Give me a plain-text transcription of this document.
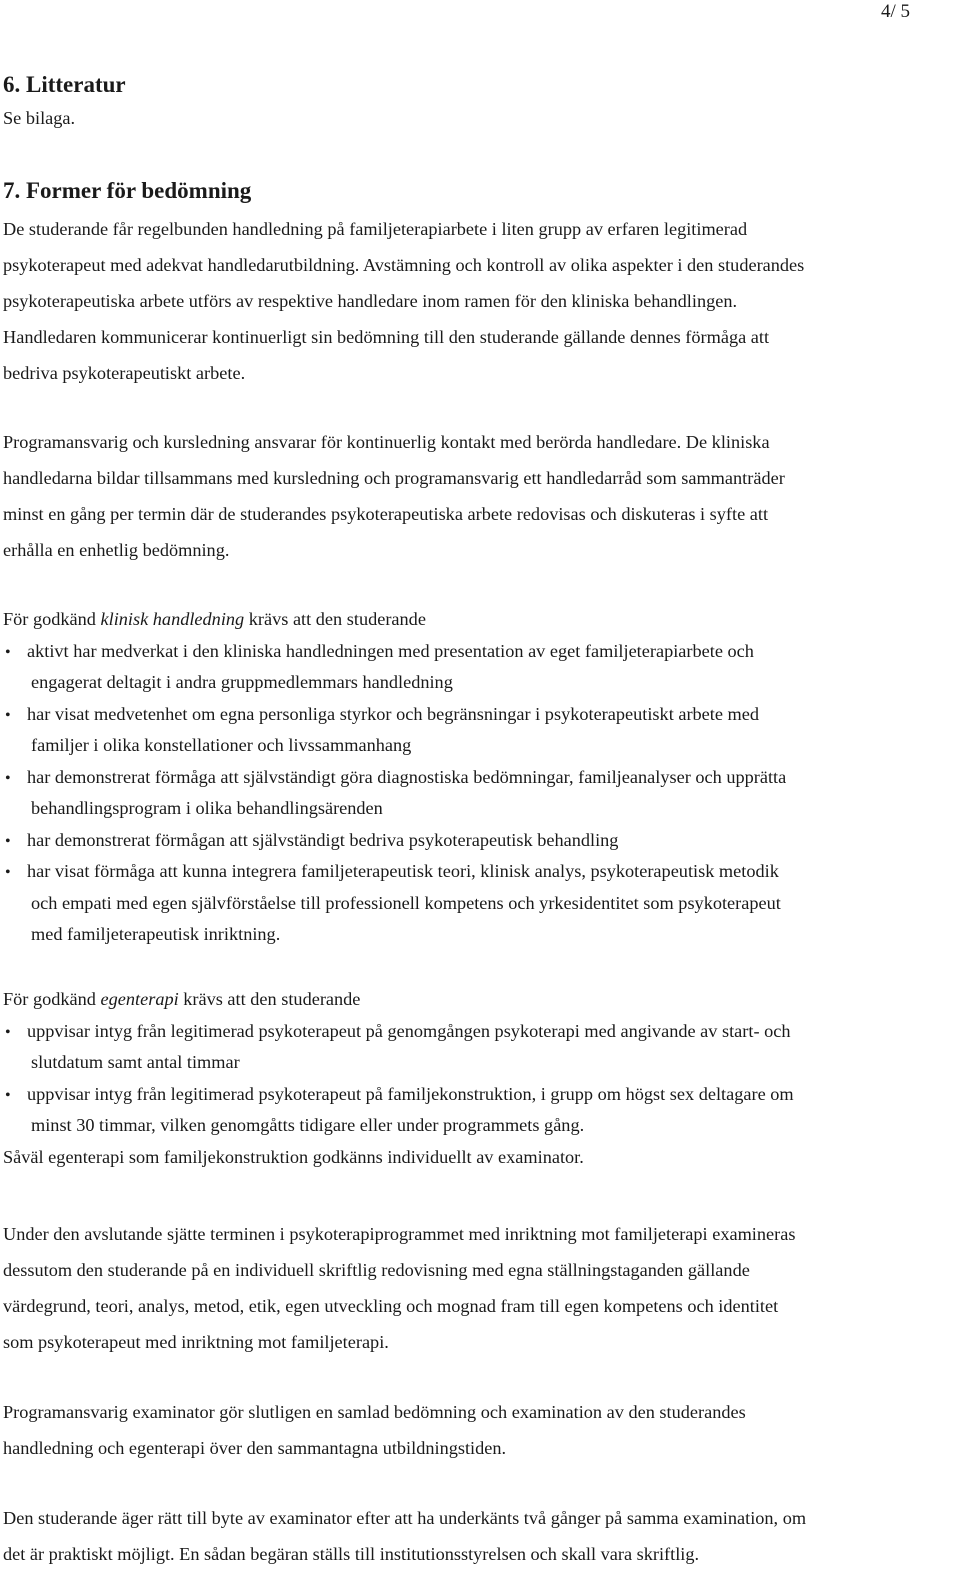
4/ 5
6. Litteratur
Se bilaga.
7. Former för bedömning
De studerande får regelbunden handledning på familjeterapiarbete i liten grupp av erfaren legitimerad
psykoterapeut med adekvat handledarutbildning. Avstämning och kontroll av olika aspekter i den studerandes
psykoterapeutiska arbete utförs av respektive handledare inom ramen för den kliniska behandlingen.
Handledaren kommunicerar kontinuerligt sin bedömning till den studerande gällande dennes förmåga att
bedriva psykoterapeutiskt arbete.
Programansvarig och kursledning ansvarar för kontinuerlig kontakt med berörda handledare. De kliniska
handledarna bildar tillsammans med kursledning och programansvarig ett handledarråd som sammanträder
minst en gång per termin där de studerandes psykoterapeutiska arbete redovisas och diskuteras i syfte att
erhålla en enhetlig bedömning.
För godkänd klinisk handledning krävs att den studerande
• aktivt har medverkat i den kliniska handledningen med presentation av eget familjeterapiarbete och
engagerat deltagit i andra gruppmedlemmars handledning
• har visat medvetenhet om egna personliga styrkor och begränsningar i psykoterapeutiskt arbete med
familjer i olika konstellationer och livssammanhang
• har demonstrerat förmåga att självständigt göra diagnostiska bedömningar, familjeanalyser och upprätta
behandlingsprogram i olika behandlingsärenden
• har demonstrerat förmågan att självständigt bedriva psykoterapeutisk behandling
• har visat förmåga att kunna integrera familjeterapeutisk teori, klinisk analys, psykoterapeutisk metodik
och empati med egen självförståelse till professionell kompetens och yrkesidentitet som psykoterapeut
med familjeterapeutisk inriktning.
För godkänd egenterapi krävs att den studerande
• uppvisar intyg från legitimerad psykoterapeut på genomgången psykoterapi med angivande av start- och
slutdatum samt antal timmar
• uppvisar intyg från legitimerad psykoterapeut på familjekonstruktion, i grupp om högst sex deltagare om
minst 30 timmar, vilken genomgåtts tidigare eller under programmets gång.
Såväl egenterapi som familjekonstruktion godkänns individuellt av examinator.
Under den avslutande sjätte terminen i psykoterapiprogrammet med inriktning mot familjeterapi examineras
dessutom den studerande på en individuell skriftlig redovisning med egna ställningstaganden gällande
värdegrund, teori, analys, metod, etik, egen utveckling och mognad fram till egen kompetens och identitet
som psykoterapeut med inriktning mot familjeterapi.
Programansvarig examinator gör slutligen en samlad bedömning och examination av den studerandes
handledning och egenterapi över den sammantagna utbildningstiden.
Den studerande äger rätt till byte av examinator efter att ha underkänts två gånger på samma examination, om
det är praktiskt möjligt. En sådan begäran ställs till institutionsstyrelsen och skall vara skriftlig.
